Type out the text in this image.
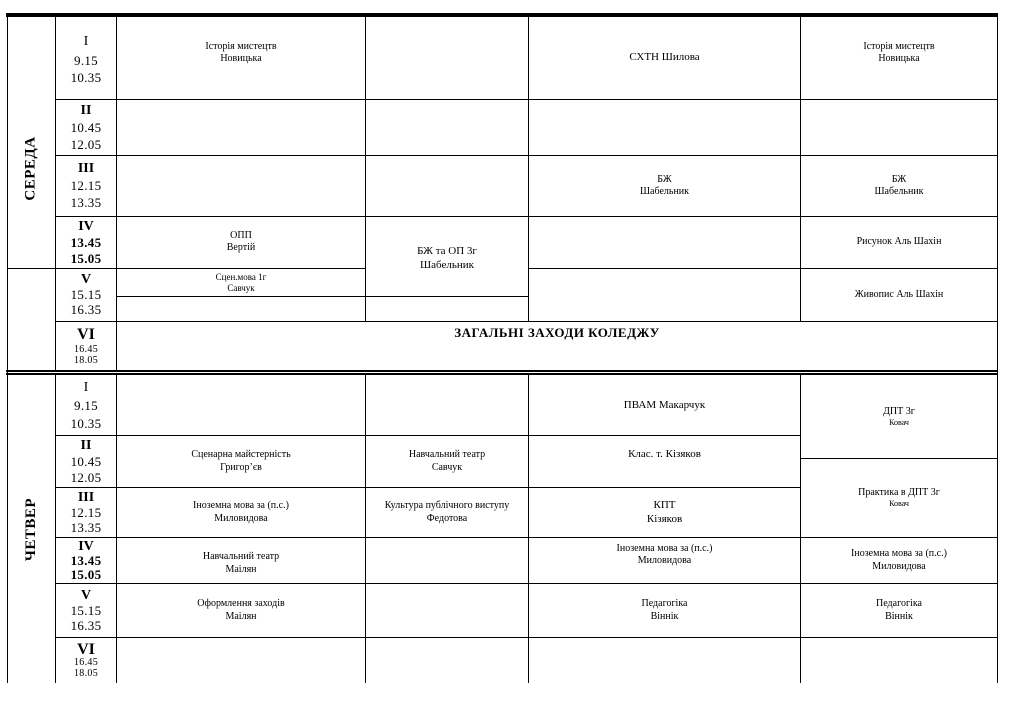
СЕРЕДА
ЧЕТВЕР
I
9.15
10.35
II
10.45
12.05
III
12.15
13.35
IV
13.45
15.05
V
15.15
16.35
VI
16.45
18.05
Історія мистецтв
Новицька	СХТН Шилова
Історія мистецтв
Новицька
БЖ
Шабельник
БЖ
Шабельник
ОПП
Вертій	БЖ та ОП 3г
Шабельник
Рисунок Аль Шахін
Сцен.мова 1г
Савчук
Живопис Аль Шахін
ЗАГАЛЬНІ ЗАХОДИ КОЛЕДЖУ
I
9.15
10.35
II
10.45
12.05
III
12.15
13.35
IV
13.45
15.05
V
15.15
16.35
VI
16.45
18.05
ПВАМ Макарчук
ДПТ 3г
Ковач
Сценарна майстерність
Григор’єв
Навчальний театр
Савчук
Клас. т. Кізяков
Практика в ДПТ 3г
Ковач
Іноземна мова за (п.с.)
Миловидова
Культура публічного виступу
Федотова
КПТ
Кізяков
Навчальний театр
Маілян
Іноземна мова за (п.с.)
Миловидова
Іноземна мова за (п.с.)
Миловидова
Оформлення заходів
Маілян
Педагогіка
Віннік
Педагогіка
Віннік
